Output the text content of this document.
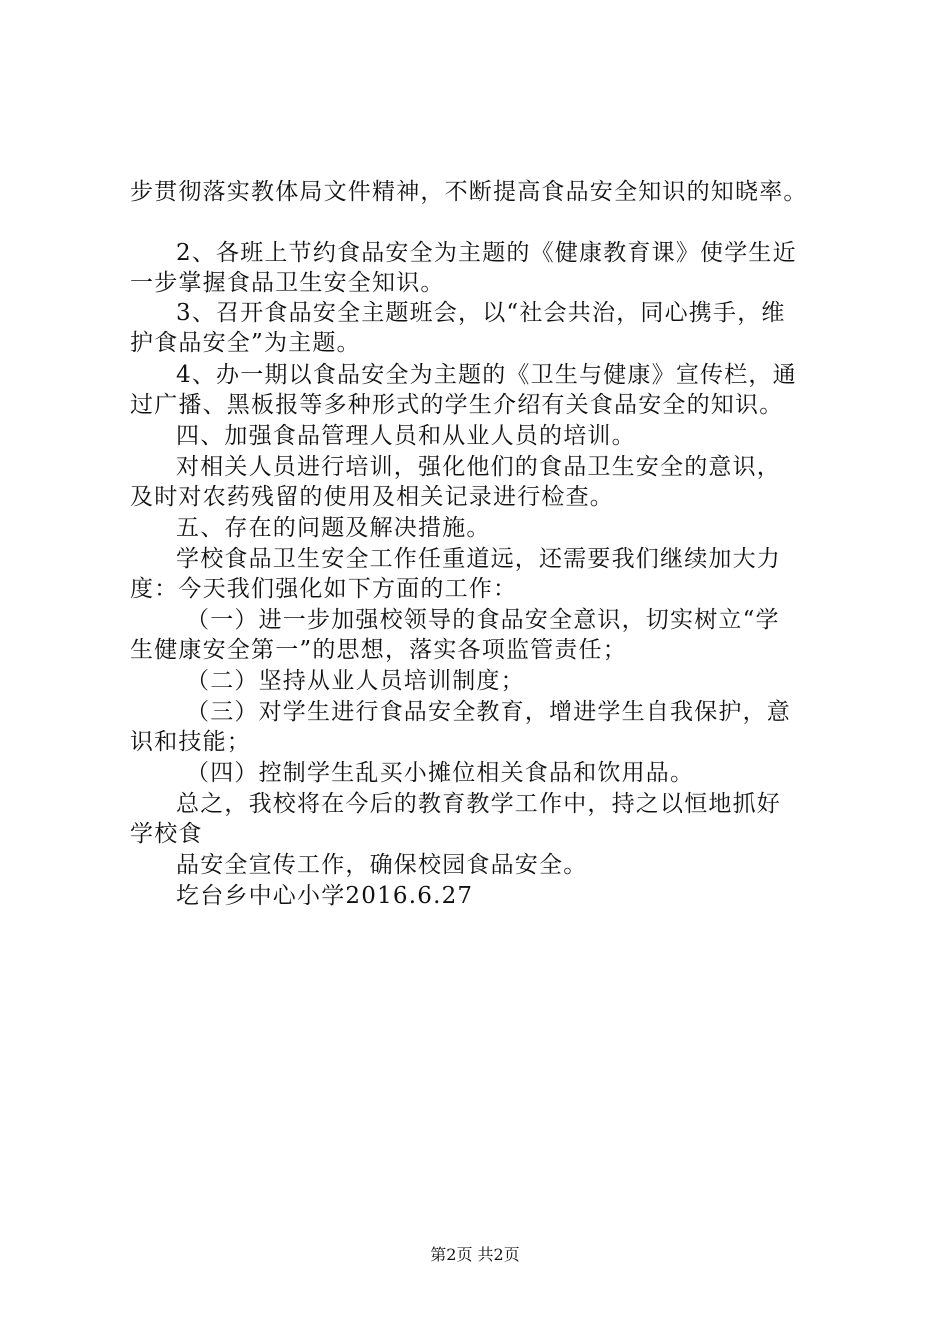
步贯彻落实教体局文件精神，不断提高食品安全知识的知晓率。
2、各班上节约食品安全为主题的《健康教育课》使学生近
一步掌握食品卫生安全知识。
3、召开食品安全主题班会，以“社会共治，同心携手，维
护食品安全”为主题。
4、办一期以食品安全为主题的《卫生与健康》宣传栏，通
过广播、黑板报等多种形式的学生介绍有关食品安全的知识。
四、加强食品管理人员和从业人员的培训。
对相关人员进行培训，强化他们的食品卫生安全的意识，
及时对农药残留的使用及相关记录进行检查。
五、存在的问题及解决措施。
学校食品卫生安全工作任重道远，还需要我们继续加大力
度：今天我们强化如下方面的工作：
（一）进一步加强校领导的食品安全意识，切实树立“学
生健康安全第一”的思想，落实各项监管责任；
（二）坚持从业人员培训制度；
（三）对学生进行食品安全教育，增进学生自我保护，意
识和技能；
（四）控制学生乱买小摊位相关食品和饮用品。
总之，我校将在今后的教育教学工作中，持之以恒地抓好
学校食
品安全宣传工作，确保校园食品安全。
圪台乡中心小学2016.6.27
第2页 共2页
